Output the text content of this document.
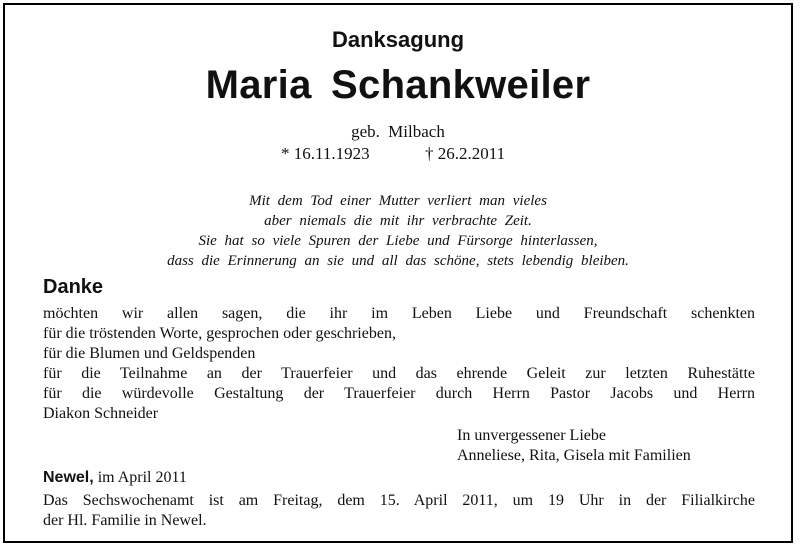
Danksagung
Maria Schankweiler
geb. Milbach
* 16.11.1923	† 26.2.2011
Mit dem Tod einer Mutter verliert man vieles
aber niemals die mit ihr verbrachte Zeit.
Sie hat so viele Spuren der Liebe und Fürsorge hinterlassen,
dass die Erinnerung an sie und all das schöne, stets lebendig bleiben.
Danke
möchten wir allen sagen, die ihr im Leben Liebe und Freundschaft schenkten
für die tröstenden Worte, gesprochen oder geschrieben,
für die Blumen und Geldspenden
für die Teilnahme an der Trauerfeier und das ehrende Geleit zur letzten Ruhestätte
für die würdevolle Gestaltung der Trauerfeier durch Herrn Pastor Jacobs und Herrn
Diakon Schneider
In unvergessener Liebe
Anneliese, Rita, Gisela mit Familien
Newel, im April 2011
Das Sechswochenamt ist am Freitag, dem 15. April 2011, um 19 Uhr in der Filialkirche
der Hl. Familie in Newel.
